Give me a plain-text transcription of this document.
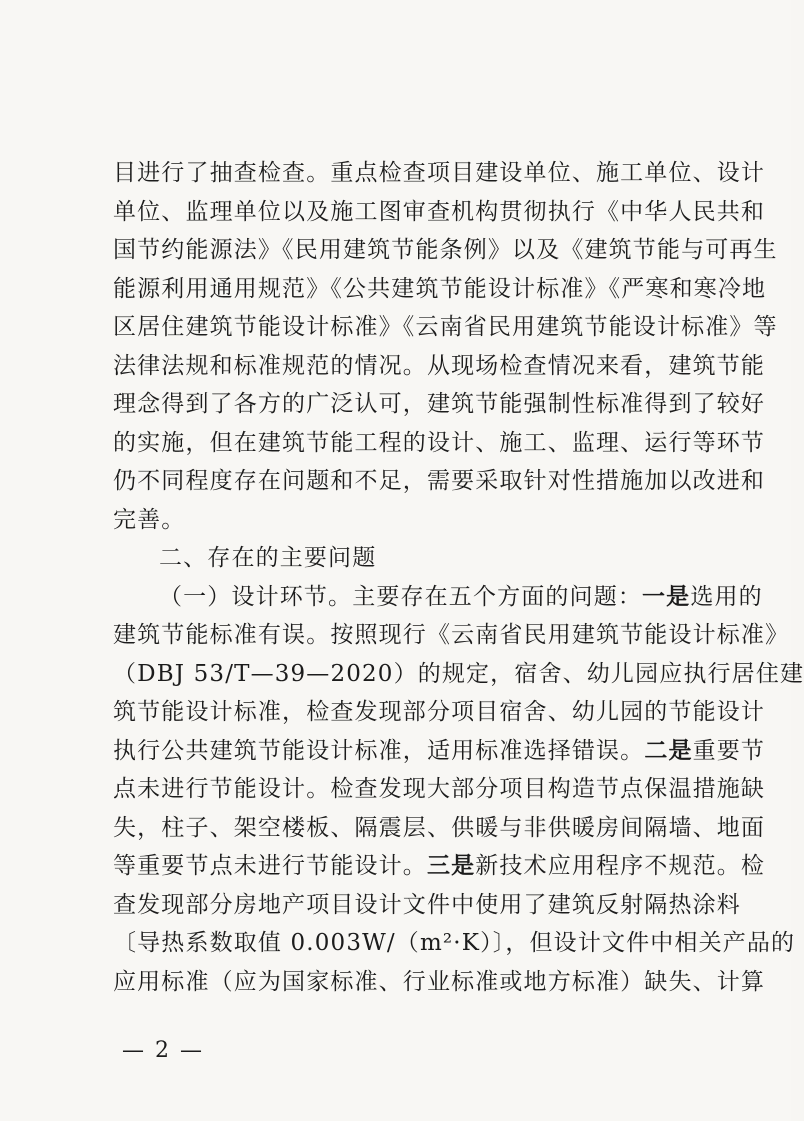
目进行了抽查检查。重点检查项目建设单位、施工单位、设计
单位、监理单位以及施工图审查机构贯彻执行《中华人民共和
国节约能源法》《民用建筑节能条例》以及《建筑节能与可再生
能源利用通用规范》《公共建筑节能设计标准》《严寒和寒冷地
区居住建筑节能设计标准》《云南省民用建筑节能设计标准》等
法律法规和标准规范的情况。从现场检查情况来看，建筑节能
理念得到了各方的广泛认可，建筑节能强制性标准得到了较好
的实施，但在建筑节能工程的设计、施工、监理、运行等环节
仍不同程度存在问题和不足，需要采取针对性措施加以改进和
完善。
二、存在的主要问题
（一）设计环节。主要存在五个方面的问题：一是选用的
建筑节能标准有误。按照现行《云南省民用建筑节能设计标准》
（DBJ 53/T—39—2020）的规定，宿舍、幼儿园应执行居住建
筑节能设计标准，检查发现部分项目宿舍、幼儿园的节能设计
执行公共建筑节能设计标准，适用标准选择错误。二是重要节
点未进行节能设计。检查发现大部分项目构造节点保温措施缺
失，柱子、架空楼板、隔震层、供暖与非供暖房间隔墙、地面
等重要节点未进行节能设计。三是新技术应用程序不规范。检
查发现部分房地产项目设计文件中使用了建筑反射隔热涂料
〔导热系数取值 0.003W/（m²·K）〕，但设计文件中相关产品的
应用标准（应为国家标准、行业标准或地方标准）缺失、计算
— 2 —
